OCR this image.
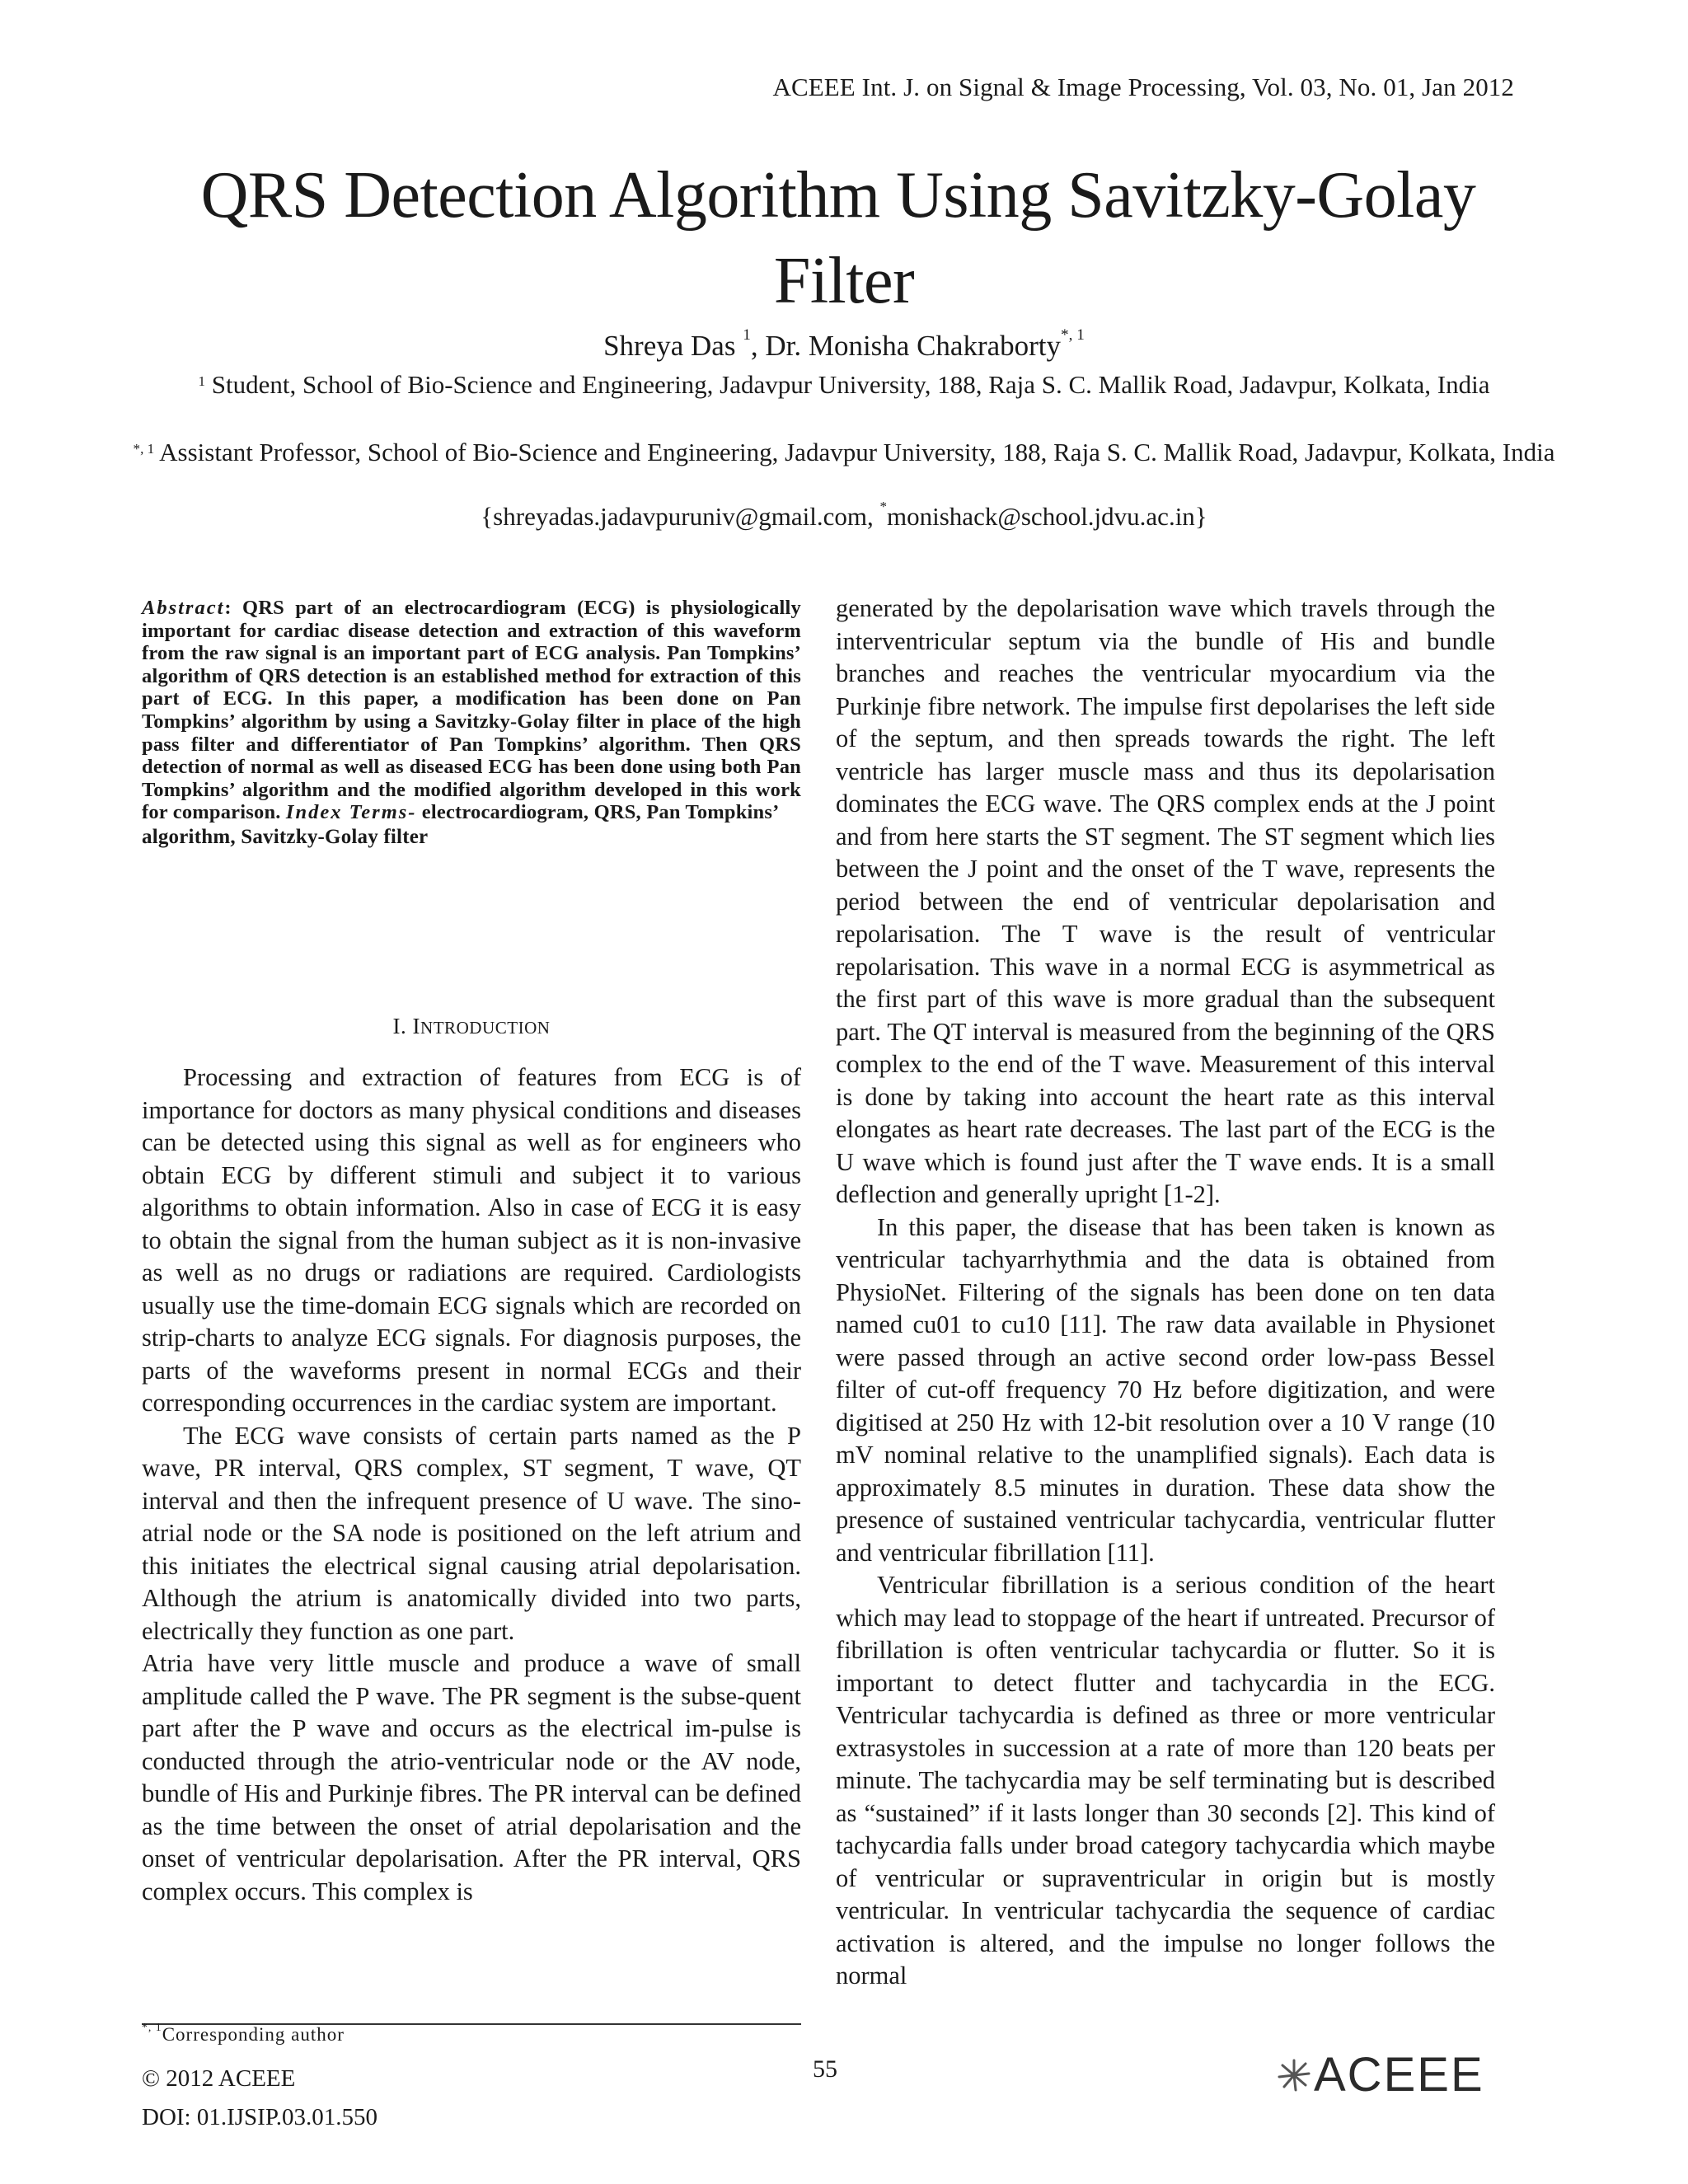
ACEEE Int. J. on Signal & Image Processing, Vol. 03, No. 01, Jan 2012
QRS Detection Algorithm Using Savitzky-Golay
Filter
Shreya Das $^1$, Dr. Monisha Chakraborty$^{*, 1}$
$^1$ Student, School of Bio-Science and Engineering, Jadavpur University, 188, Raja S. C. Mallik Road, Jadavpur, Kolkata, India
$^{*, 1}$ Assistant Professor, School of Bio-Science and Engineering, Jadavpur University, 188, Raja S. C. Mallik Road, Jadavpur, Kolkata, India
{shreyadas.jadavpuruniv@gmail.com, *monishack@school.jdvu.ac.in}
Abstract: QRS part of an electrocardiogram (ECG) is physiologically important for cardiac disease detection and extraction of this waveform from the raw signal is an important part of ECG analysis. Pan Tompkins’ algorithm of QRS detection is an established method for extraction of this part of ECG. In this paper, a modification has been done on Pan Tompkins’ algorithm by using a Savitzky-Golay filter in place of the high pass filter and differentiator of Pan Tompkins’ algorithm. Then QRS detection of normal as well as diseased ECG has been done using both Pan Tompkins’ algorithm and the modified algorithm developed in this work for comparison. Index Terms- electrocardiogram, QRS, Pan Tompkins’
algorithm, Savitzky-Golay filter
I. INTRODUCTION

Processing and extraction of features from ECG is of importance for doctors as many physical conditions and diseases can be detected using this signal as well as for engineers who obtain ECG by different stimuli and subject it to various algorithms to obtain information. Also in case of ECG it is easy to obtain the signal from the human subject as it is non-invasive as well as no drugs or radiations are required. Cardiologists usually use the time-domain ECG signals which are recorded on strip-charts to analyze ECG signals. For diagnosis purposes, the parts of the waveforms present in normal ECGs and their corresponding occurrences in the cardiac system are important.

The ECG wave consists of certain parts named as the P wave, PR interval, QRS complex, ST segment, T wave, QT interval and then the infrequent presence of U wave. The sino- atrial node or the SA node is positioned on the left atrium and this initiates the electrical signal causing atrial depolarisation. Although the atrium is anatomically divided into two parts, electrically they function as one part.

Atria have very little muscle and produce a wave of small amplitude called the P wave. The PR segment is the subse-quent part after the P wave and occurs as the electrical im-pulse is conducted through the atrio-ventricular node or the AV node, bundle of His and Purkinje fibres. The PR interval can be defined as the time between the onset of atrial depolarisation and the onset of ventricular depolarisation. After the PR interval, QRS complex occurs. This complex is

generated by the depolarisation wave which travels through the interventricular septum via the bundle of His and bundle branches and reaches the ventricular myocardium via the Purkinje fibre network. The impulse first depolarises the left side of the septum, and then spreads towards the right. The left ventricle has larger muscle mass and thus its depolarisation dominates the ECG wave. The QRS complex ends at the J point and from here starts the ST segment. The ST segment which lies between the J point and the onset of the T wave, represents the period between the end of ventricular depolarisation and repolarisation. The T wave is the result of ventricular repolarisation. This wave in a normal ECG is asymmetrical as the first part of this wave is more gradual than the subsequent part. The QT interval is measured from the beginning of the QRS complex to the end of the T wave. Measurement of this interval is done by taking into account the heart rate as this interval elongates as heart rate decreases. The last part of the ECG is the U wave which is found just after the T wave ends. It is a small deflection and generally upright [1-2].

In this paper, the disease that has been taken is known as ventricular tachyarrhythmia and the data is obtained from PhysioNet. Filtering of the signals has been done on ten data named cu01 to cu10 [11]. The raw data available in Physionet were passed through an active second order low-pass Bessel filter of cut-off frequency 70 Hz before digitization, and were digitised at 250 Hz with 12-bit resolution over a 10 V range (10 mV nominal relative to the unamplified signals). Each data is approximately 8.5 minutes in duration. These data show the presence of sustained ventricular tachycardia, ventricular flutter and ventricular fibrillation [11].

Ventricular fibrillation is a serious condition of the heart which may lead to stoppage of the heart if untreated. Precursor of fibrillation is often ventricular tachycardia or flutter. So it is important to detect flutter and tachycardia in the ECG. Ventricular tachycardia is defined as three or more ventricular extrasystoles in succession at a rate of more than 120 beats per minute. The tachycardia may be self terminating but is described as “sustained” if it lasts longer than 30 seconds [2]. This kind of tachycardia falls under broad category tachycardia which maybe of ventricular or supraventricular in origin but is mostly ventricular. In ventricular tachycardia the sequence of cardiac activation is altered, and the impulse no longer follows the normal

$^{*, 1}$Corresponding author
© 2012 ACEEE
DOI: 01.IJSIP.03.01.550
55	ACEEE
